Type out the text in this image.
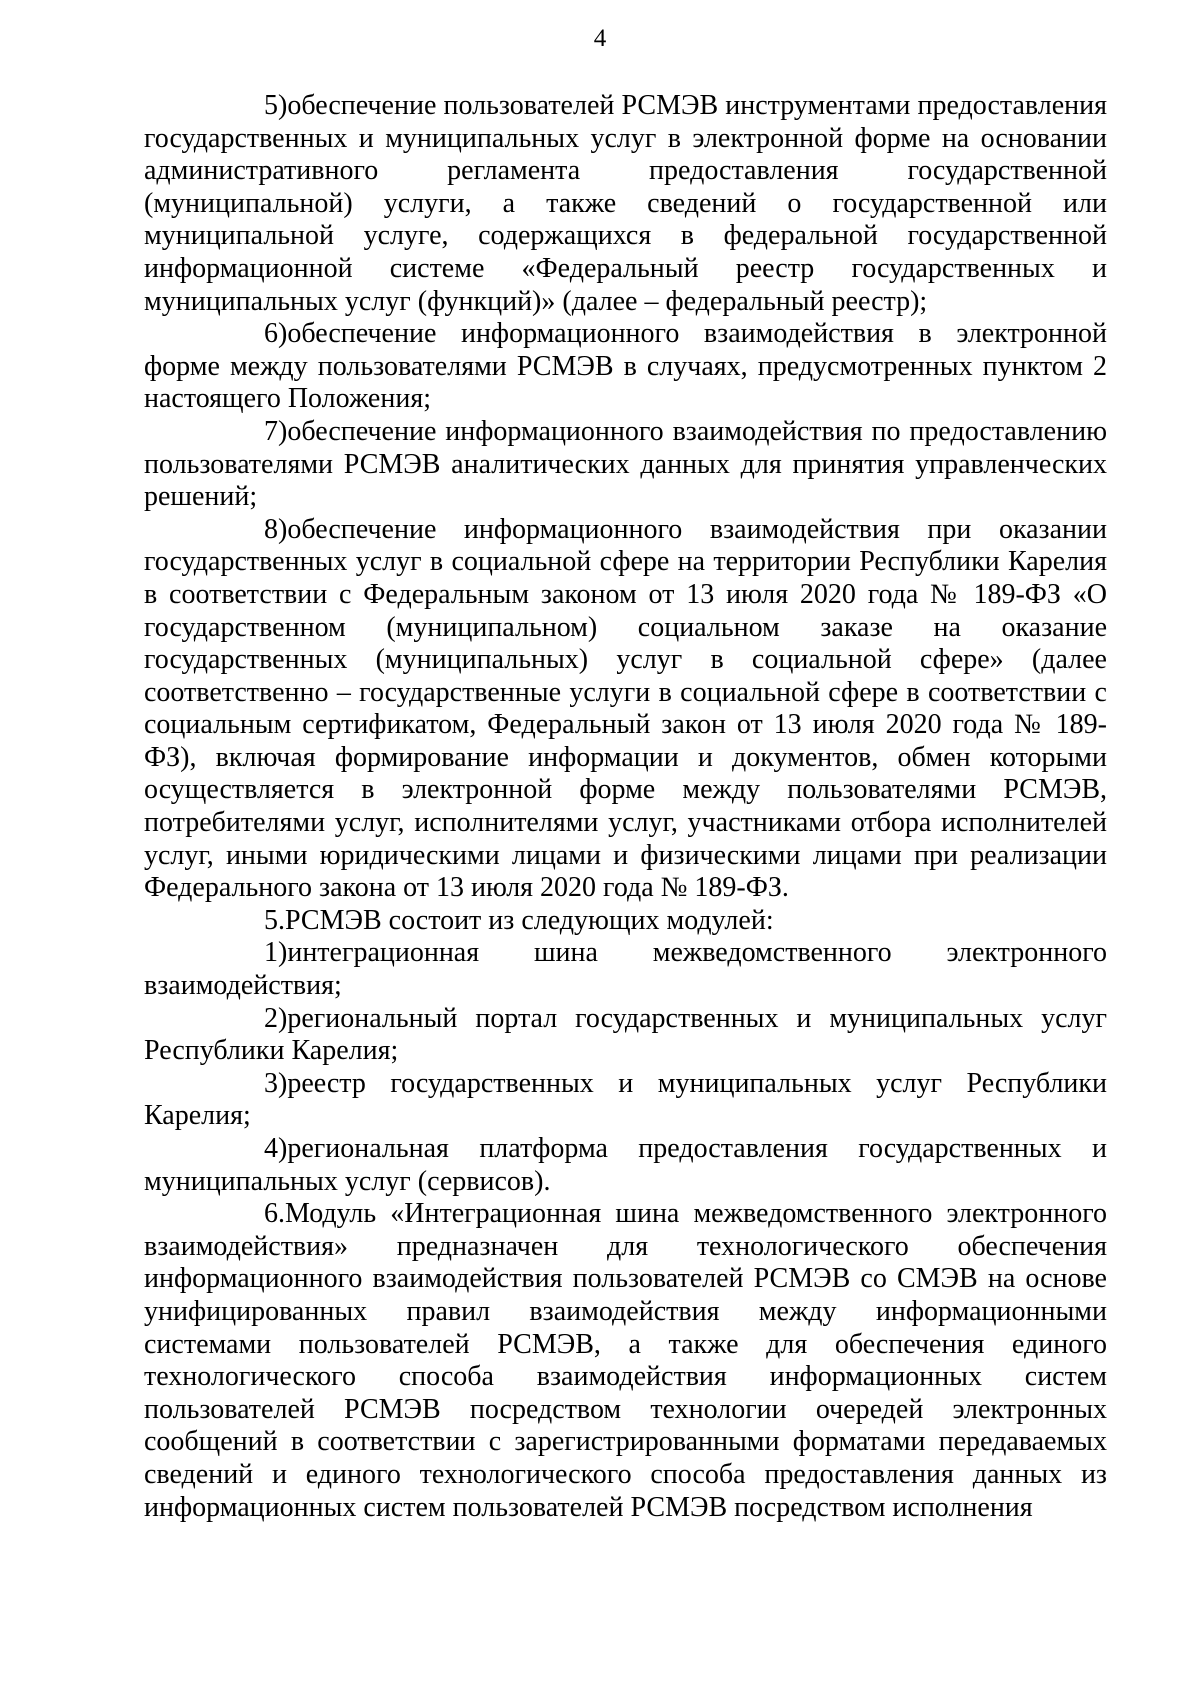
4

5)обеспечение пользователей РСМЭВ инструментами предоставления государственных и муниципальных услуг в электронной форме на основании административного регламента предоставления государственной (муниципальной) услуги, а также сведений о государственной или муниципальной услуге, содержащихся в федеральной государственной информационной системе «Федеральный реестр государственных и муниципальных услуг (функций)» (далее – федеральный реестр);

6)обеспечение информационного взаимодействия в электронной форме между пользователями РСМЭВ в случаях, предусмотренных пунктом 2 настоящего Положения;

7)обеспечение информационного взаимодействия по предоставлению пользователями РСМЭВ аналитических данных для принятия управленческих решений;

8)обеспечение информационного взаимодействия при оказании государственных услуг в социальной сфере на территории Республики Карелия в соответствии с Федеральным законом от 13 июля 2020 года № 189-ФЗ «О государственном (муниципальном) социальном заказе на оказание государственных (муниципальных) услуг в социальной сфере» (далее соответственно – государственные услуги в социальной сфере в соответствии с социальным сертификатом, Федеральный закон от 13 июля 2020 года № 189-ФЗ), включая формирование информации и документов, обмен которыми осуществляется в электронной форме между пользователями РСМЭВ, потребителями услуг, исполнителями услуг, участниками отбора исполнителей услуг, иными юридическими лицами и физическими лицами при реализации Федерального закона от 13 июля 2020 года № 189-ФЗ.

5.РСМЭВ состоит из следующих модулей:

1)интеграционная шина межведомственного электронного взаимодействия;

2)региональный портал государственных и муниципальных услуг Республики Карелия;

3)реестр государственных и муниципальных услуг Республики Карелия;

4)региональная платформа предоставления государственных и муниципальных услуг (сервисов).

6.Модуль «Интеграционная шина межведомственного электронного взаимодействия» предназначен для технологического обеспечения информационного взаимодействия пользователей РСМЭВ со СМЭВ на основе унифицированных правил взаимодействия между информационными системами пользователей РСМЭВ, а также для обеспечения единого технологического способа взаимодействия информационных систем пользователей РСМЭВ посредством технологии очередей электронных сообщений в соответствии с зарегистрированными форматами передаваемых сведений и единого технологического способа предоставления данных из информационных систем пользователей РСМЭВ посредством исполнения
